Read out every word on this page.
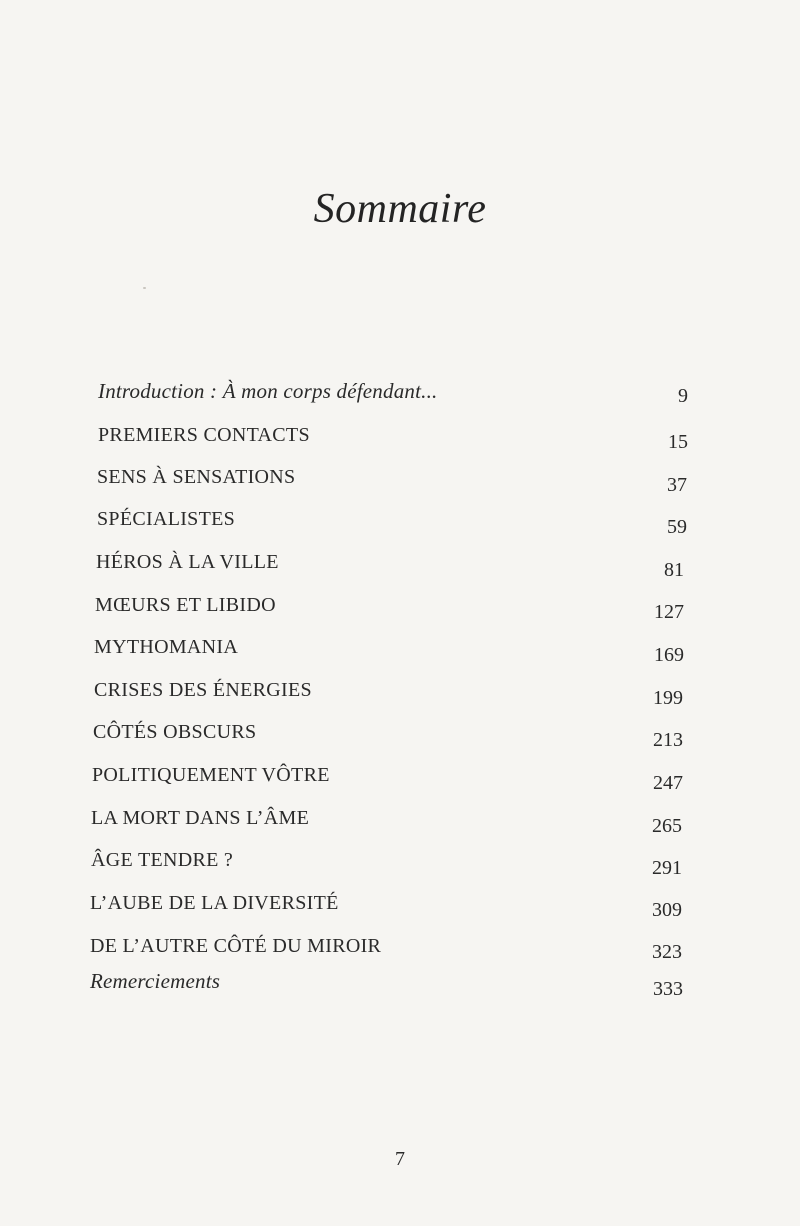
Sommaire
Introduction : À mon corps défendant...	9
PREMIERS CONTACTS	15
SENS À SENSATIONS	37
SPÉCIALISTES	59
HÉROS À LA VILLE	81
MŒURS ET LIBIDO	127
MYTHOMANIA	169
CRISES DES ÉNERGIES	199
CÔTÉS OBSCURS	213
POLITIQUEMENT VÔTRE	247
LA MORT DANS L’ÂME	265
ÂGE TENDRE ?	291
L’AUBE DE LA DIVERSITÉ	309
DE L’AUTRE CÔTÉ DU MIROIR	323
Remerciements	333
7
